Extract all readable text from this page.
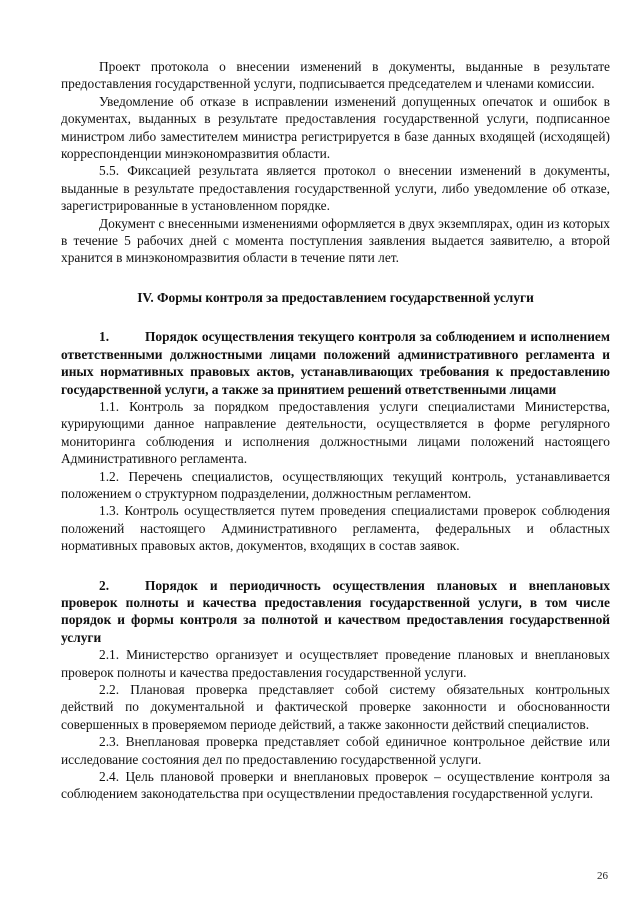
Проект протокола о внесении изменений в документы, выданные в результате предоставления государственной услуги, подписывается председателем и членами комиссии.

Уведомление об отказе в исправлении изменений допущенных опечаток и ошибок в документах, выданных в результате предоставления государственной услуги, подписанное министром либо заместителем министра регистрируется в базе данных входящей (исходящей) корреспонденции минэкономразвития области.

5.5. Фиксацией результата является протокол о внесении изменений в документы, выданные в результате предоставления государственной услуги, либо уведомление об отказе, зарегистрированные в установленном порядке.

Документ с внесенными изменениями оформляется в двух экземплярах, один из которых в течение 5 рабочих дней с момента поступления заявления выдается заявителю, а второй хранится в минэкономразвития области в течение пяти лет.

IV. Формы контроля за предоставлением государственной услуги

1.	Порядок осуществления текущего контроля за соблюдением и исполнением ответственными должностными лицами положений административного регламента и иных нормативных правовых актов, устанавливающих требования к предоставлению государственной услуги, а также за принятием решений ответственными лицами

1.1. Контроль за порядком предоставления услуги специалистами Министерства, курирующими данное направление деятельности, осуществляется в форме регулярного мониторинга соблюдения и исполнения должностными лицами положений настоящего Административного регламента.

1.2. Перечень специалистов, осуществляющих текущий контроль, устанавливается положением о структурном подразделении, должностным регламентом.

1.3. Контроль осуществляется путем проведения специалистами проверок соблюдения положений настоящего Административного регламента, федеральных и областных нормативных правовых актов, документов, входящих в состав заявок.

2.	Порядок и периодичность осуществления плановых и внеплановых проверок полноты и качества предоставления государственной услуги, в том числе порядок и формы контроля за полнотой и качеством предоставления государственной услуги

2.1. Министерство организует и осуществляет проведение плановых и внеплановых проверок полноты и качества предоставления государственной услуги.

2.2. Плановая проверка представляет собой систему обязательных контрольных действий по документальной и фактической проверке законности и обоснованности совершенных в проверяемом периоде действий, а также законности действий специалистов.

2.3. Внеплановая проверка представляет собой единичное контрольное действие или исследование состояния дел по предоставлению государственной услуги.

2.4. Цель плановой проверки и внеплановых проверок – осуществление контроля за соблюдением законодательства при осуществлении предоставления государственной услуги.

26
